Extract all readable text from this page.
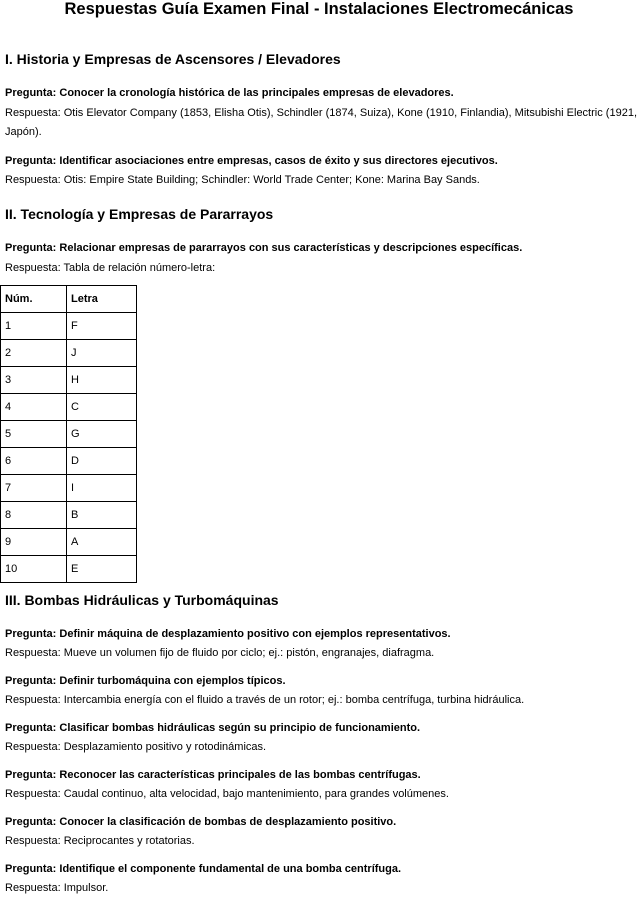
Respuestas Guía Examen Final - Instalaciones Electromecánicas
I. Historia y Empresas de Ascensores / Elevadores
Pregunta: Conocer la cronología histórica de las principales empresas de elevadores.
Respuesta: Otis Elevator Company (1853, Elisha Otis), Schindler (1874, Suiza), Kone (1910, Finlandia), Mitsubishi Electric (1921, Japón).
Pregunta: Identificar asociaciones entre empresas, casos de éxito y sus directores ejecutivos.
Respuesta: Otis: Empire State Building; Schindler: World Trade Center; Kone: Marina Bay Sands.
II. Tecnología y Empresas de Pararrayos
Pregunta: Relacionar empresas de pararrayos con sus características y descripciones específicas.
Respuesta: Tabla de relación número-letra:
Núm.	Letra
1	F
2	J
3	H
4	C
5	G
6	D
7	I
8	B
9	A
10	E
III. Bombas Hidráulicas y Turbomáquinas
Pregunta: Definir máquina de desplazamiento positivo con ejemplos representativos.
Respuesta: Mueve un volumen fijo de fluido por ciclo; ej.: pistón, engranajes, diafragma.
Pregunta: Definir turbomáquina con ejemplos típicos.
Respuesta: Intercambia energía con el fluido a través de un rotor; ej.: bomba centrífuga, turbina hidráulica.
Pregunta: Clasificar bombas hidráulicas según su principio de funcionamiento.
Respuesta: Desplazamiento positivo y rotodinámicas.
Pregunta: Reconocer las características principales de las bombas centrífugas.
Respuesta: Caudal continuo, alta velocidad, bajo mantenimiento, para grandes volúmenes.
Pregunta: Conocer la clasificación de bombas de desplazamiento positivo.
Respuesta: Reciprocantes y rotatorias.
Pregunta: Identifique el componente fundamental de una bomba centrífuga.
Respuesta: Impulsor.
